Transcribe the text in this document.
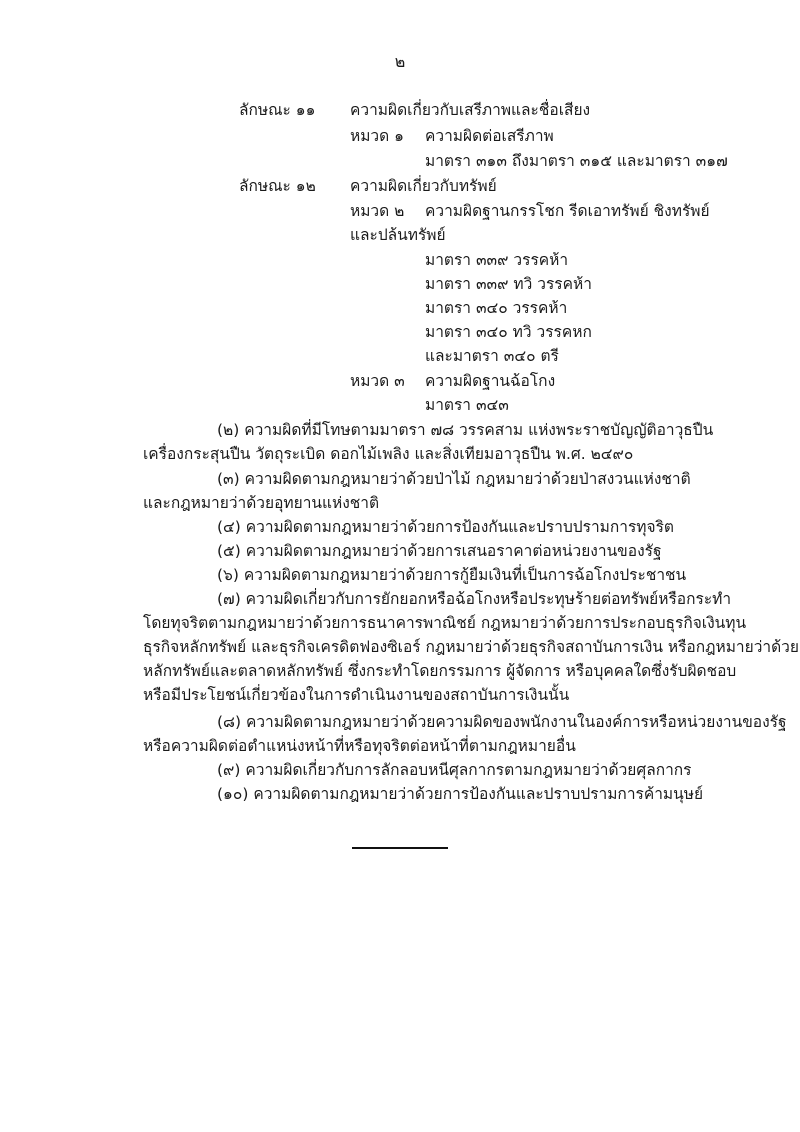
๒
ลักษณะ ๑๑ ความผิดเกี่ยวกับเสรีภาพและชื่อเสียง
หมวด ๑ ความผิดต่อเสรีภาพ
มาตรา ๓๑๓ ถึงมาตรา ๓๑๕ และมาตรา ๓๑๗
ลักษณะ ๑๒ ความผิดเกี่ยวกับทรัพย์
หมวด ๒ ความผิดฐานกรรโชก รีดเอาทรัพย์ ชิงทรัพย์
และปล้นทรัพย์
มาตรา ๓๓๙ วรรคห้า
มาตรา ๓๓๙ ทวิ วรรคห้า
มาตรา ๓๔๐ วรรคห้า
มาตรา ๓๔๐ ทวิ วรรคหก
และมาตรา ๓๔๐ ตรี
หมวด ๓ ความผิดฐานฉ้อโกง
มาตรา ๓๔๓
(๒) ความผิดที่มีโทษตามมาตรา ๗๘ วรรคสาม แห่งพระราชบัญญัติอาวุธปืน
เครื่องกระสุนปืน วัตถุระเบิด ดอกไม้เพลิง และสิ่งเทียมอาวุธปืน พ.ศ. ๒๔๙๐
(๓) ความผิดตามกฎหมายว่าด้วยป่าไม้ กฎหมายว่าด้วยป่าสงวนแห่งชาติ
และกฎหมายว่าด้วยอุทยานแห่งชาติ
(๔) ความผิดตามกฎหมายว่าด้วยการป้องกันและปราบปรามการทุจริต
(๕) ความผิดตามกฎหมายว่าด้วยการเสนอราคาต่อหน่วยงานของรัฐ
(๖) ความผิดตามกฎหมายว่าด้วยการกู้ยืมเงินที่เป็นการฉ้อโกงประชาชน
(๗) ความผิดเกี่ยวกับการยักยอกหรือฉ้อโกงหรือประทุษร้ายต่อทรัพย์หรือกระทำ
โดยทุจริตตามกฎหมายว่าด้วยการธนาคารพาณิชย์ กฎหมายว่าด้วยการประกอบธุรกิจเงินทุน
ธุรกิจหลักทรัพย์ และธุรกิจเครดิตฟองซิเอร์ กฎหมายว่าด้วยธุรกิจสถาบันการเงิน หรือกฎหมายว่าด้วย
หลักทรัพย์และตลาดหลักทรัพย์ ซึ่งกระทำโดยกรรมการ ผู้จัดการ หรือบุคคลใดซึ่งรับผิดชอบ
หรือมีประโยชน์เกี่ยวข้องในการดำเนินงานของสถาบันการเงินนั้น
(๘) ความผิดตามกฎหมายว่าด้วยความผิดของพนักงานในองค์การหรือหน่วยงานของรัฐ
หรือความผิดต่อตำแหน่งหน้าที่หรือทุจริตต่อหน้าที่ตามกฎหมายอื่น
(๙) ความผิดเกี่ยวกับการลักลอบหนีศุลกากรตามกฎหมายว่าด้วยศุลกากร
(๑๐) ความผิดตามกฎหมายว่าด้วยการป้องกันและปราบปรามการค้ามนุษย์
